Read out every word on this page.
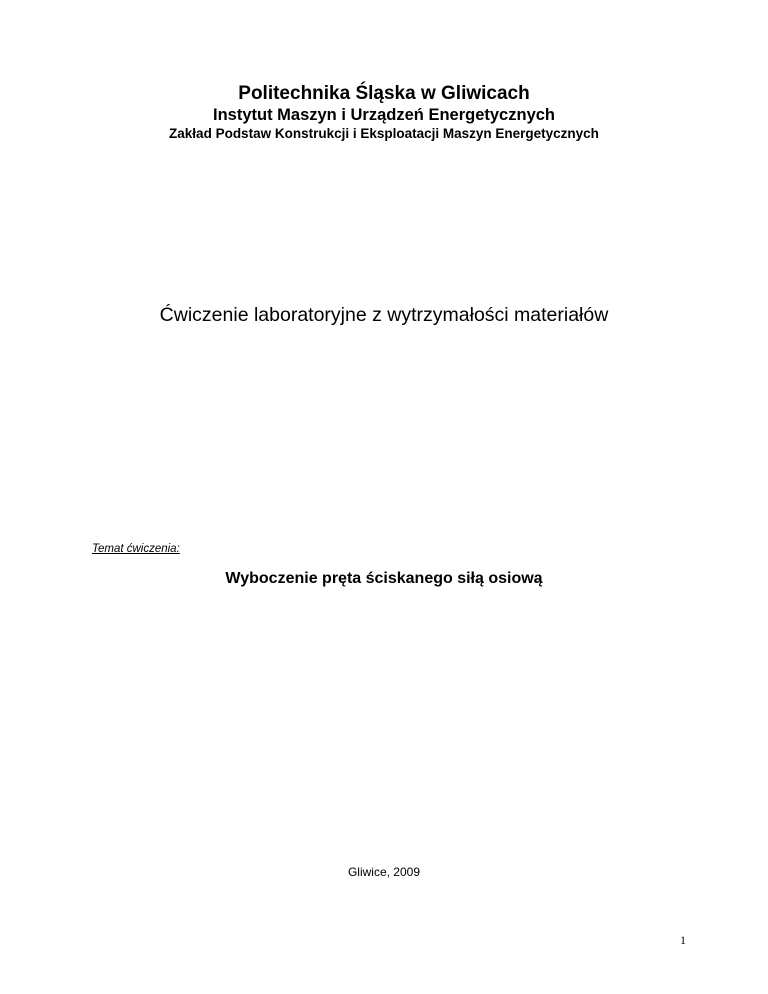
Politechnika Śląska w Gliwicach
Instytut Maszyn i Urządzeń Energetycznych
Zakład Podstaw Konstrukcji i Eksploatacji Maszyn Energetycznych
Ćwiczenie laboratoryjne z wytrzymałości materiałów
Temat ćwiczenia:
Wyboczenie pręta ściskanego siłą osiową
Gliwice, 2009
1
